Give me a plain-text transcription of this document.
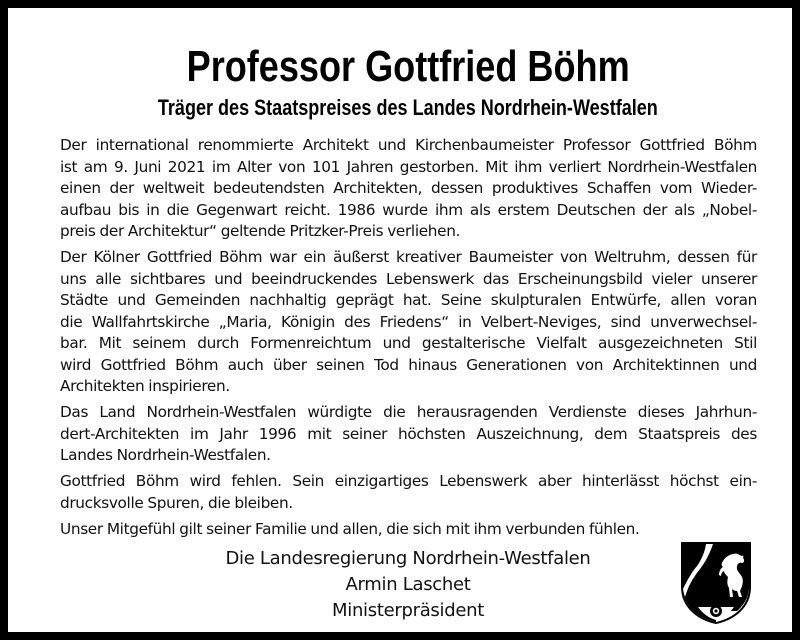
Professor Gottfried Böhm
Träger des Staatspreises des Landes Nordrhein-Westfalen
Der international renommierte Architekt und Kirchenbaumeister Professor Gottfried Böhm
ist am 9. Juni 2021 im Alter von 101 Jahren gestorben. Mit ihm verliert Nordrhein-Westfalen
einen der weltweit bedeutendsten Architekten, dessen produktives Schaffen vom Wieder-
aufbau bis in die Gegenwart reicht. 1986 wurde ihm als erstem Deutschen der als „Nobel-
preis der Architektur“ geltende Pritzker-Preis verliehen.
Der Kölner Gottfried Böhm war ein äußerst kreativer Baumeister von Weltruhm, dessen für
uns alle sichtbares und beeindruckendes Lebenswerk das Erscheinungsbild vieler unserer
Städte und Gemeinden nachhaltig geprägt hat. Seine skulpturalen Entwürfe, allen voran
die Wallfahrtskirche „Maria, Königin des Friedens“ in Velbert-Neviges, sind unverwechsel-
bar. Mit seinem durch Formenreichtum und gestalterische Vielfalt ausgezeichneten Stil
wird Gottfried Böhm auch über seinen Tod hinaus Generationen von Architektinnen und
Architekten inspirieren.
Das Land Nordrhein-Westfalen würdigte die herausragenden Verdienste dieses Jahrhun-
dert-Architekten im Jahr 1996 mit seiner höchsten Auszeichnung, dem Staatspreis des
Landes Nordrhein-Westfalen.
Gottfried Böhm wird fehlen. Sein einzigartiges Lebenswerk aber hinterlässt höchst ein-
drucksvolle Spuren, die bleiben.
Unser Mitgefühl gilt seiner Familie und allen, die sich mit ihm verbunden fühlen.
Die Landesregierung Nordrhein-Westfalen
Armin Laschet
Ministerpräsident
